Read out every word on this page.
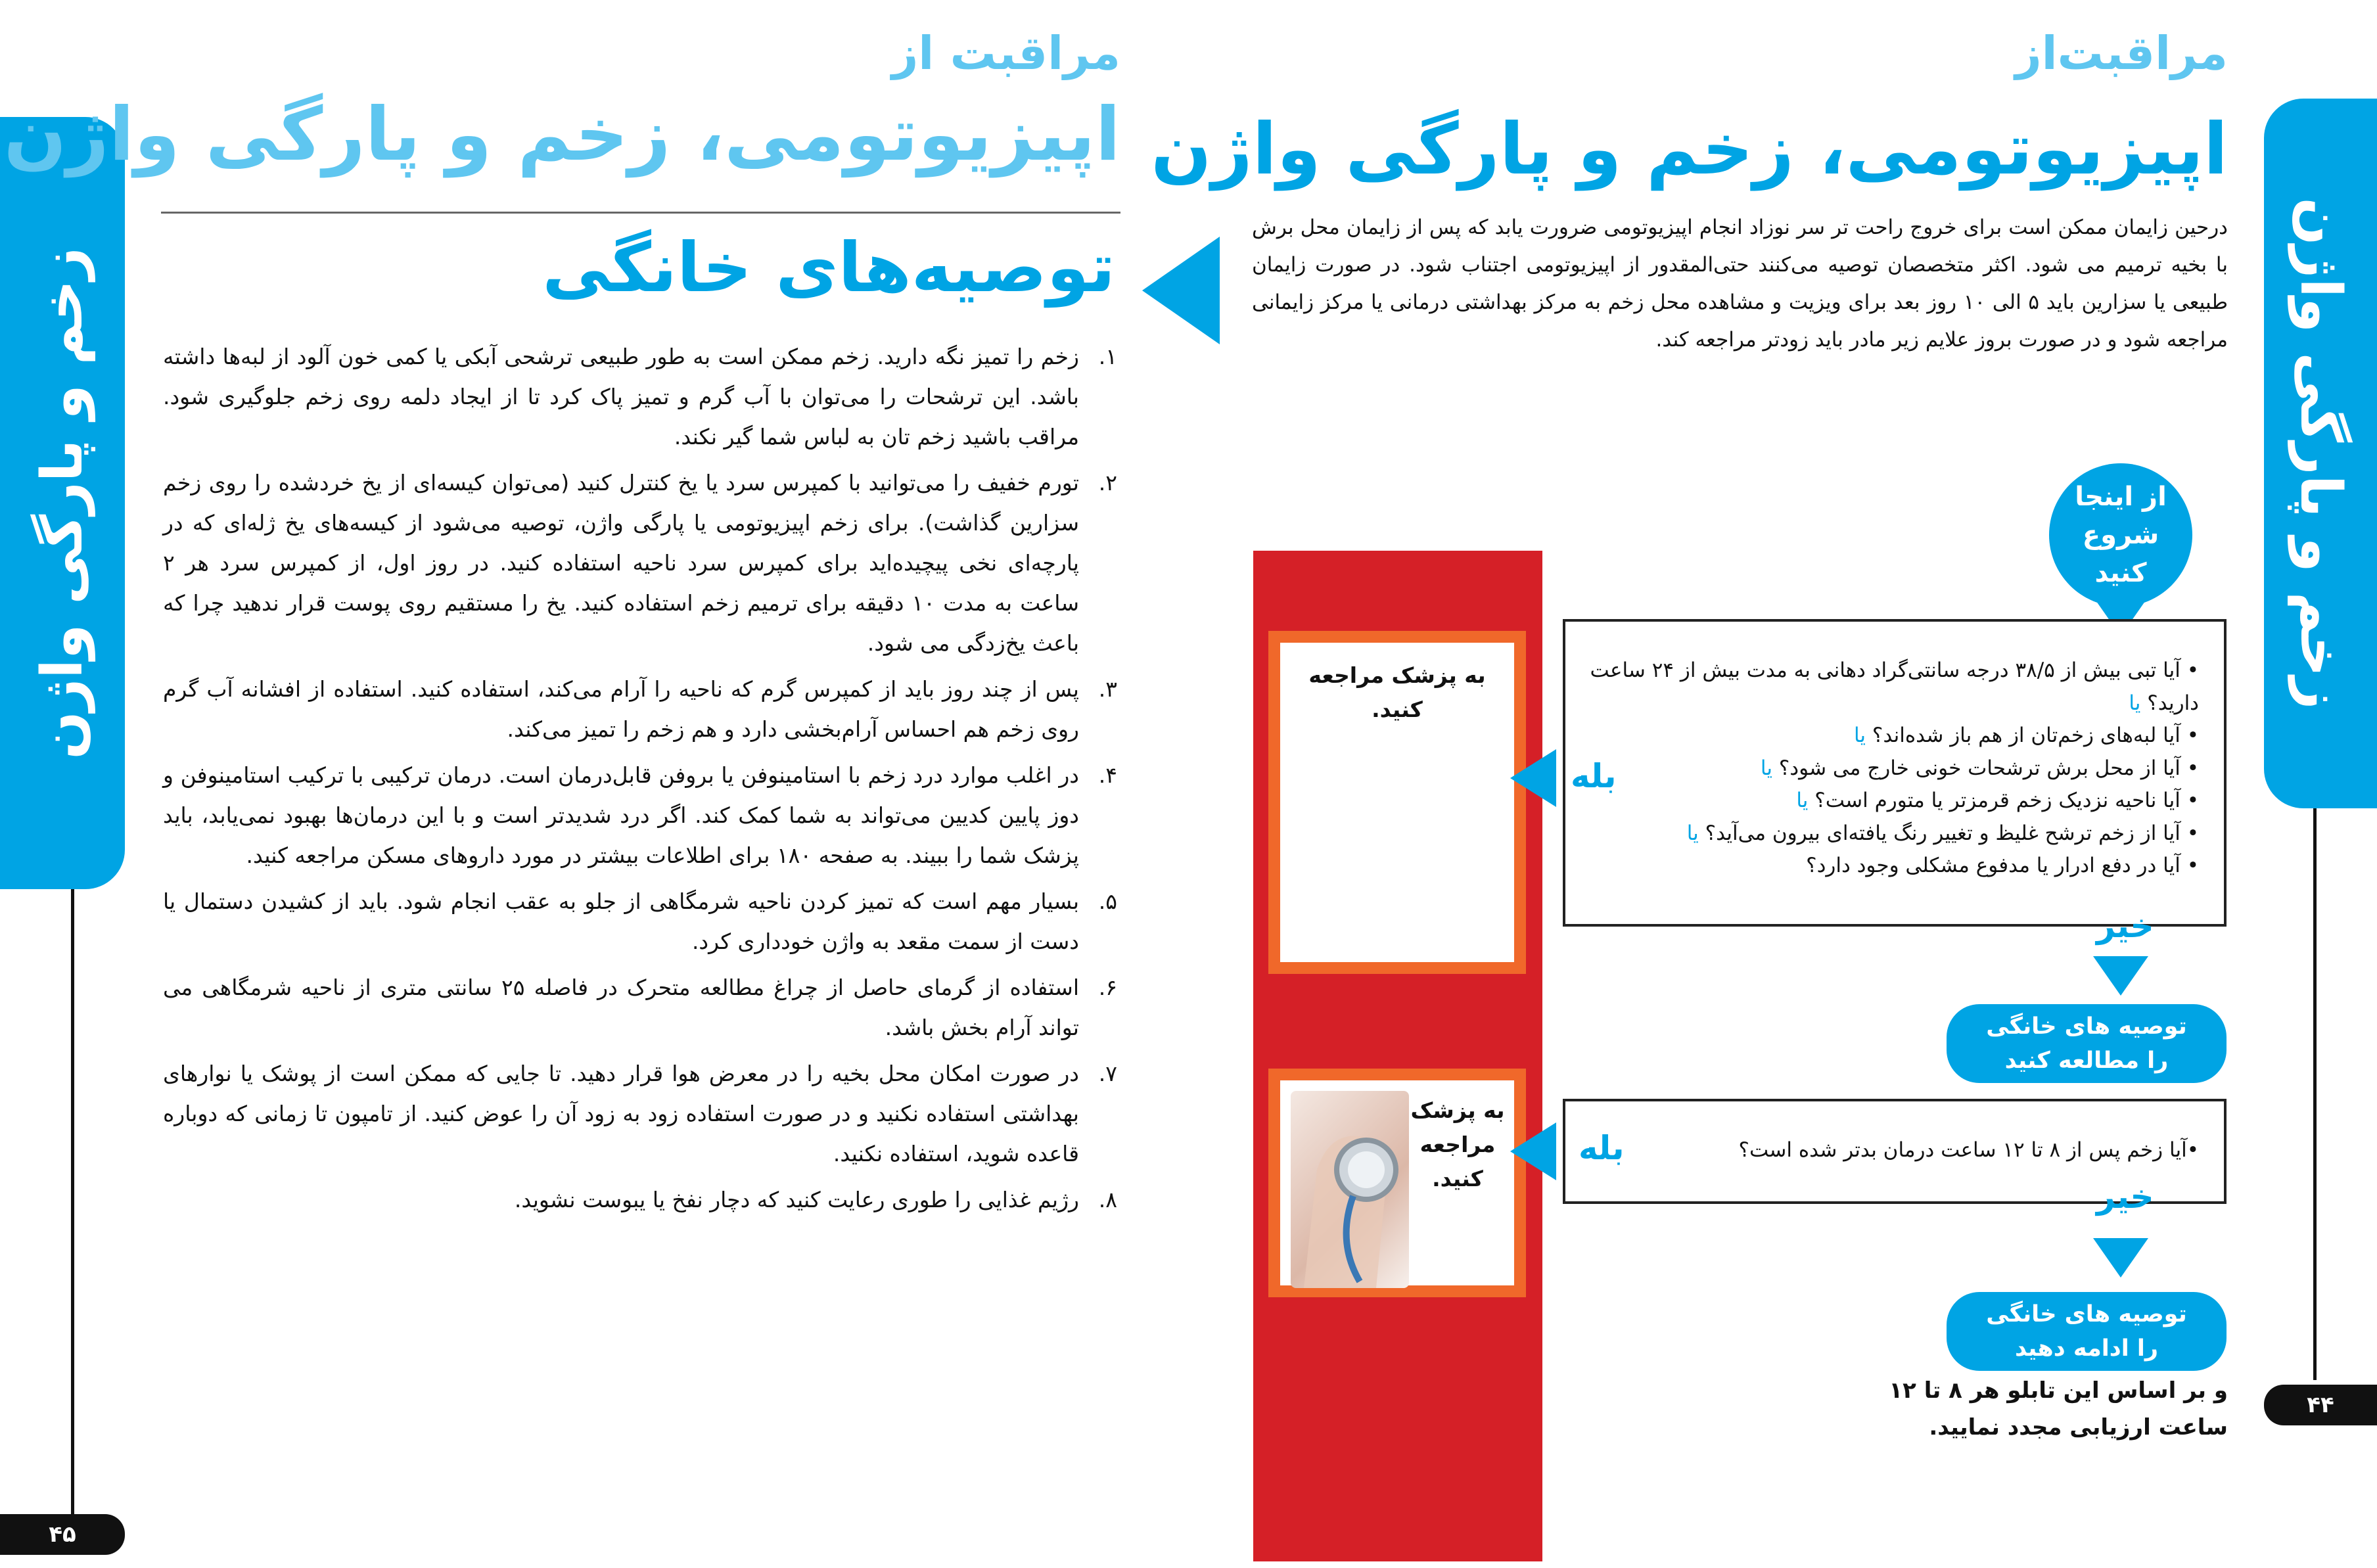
زخم و پارگی واژن
۴۵
مراقبت از
اپیزیوتومی، زخم و پارگی واژن
توصیه‌های خانگی
۱.
زخم را تمیز نگه دارید. زخم ممکن است به طور طبیعی ترشحی آبکی یا کمی خون آلود از لبه‌ها داشته باشد. این ترشحات را می‌توان با آب گرم و تمیز پاک کرد تا از ایجاد دلمه روی زخم جلوگیری شود. مراقب باشید زخم تان به لباس شما گیر نکند.
۲.
تورم خفیف را می‌توانید با کمپرس سرد یا یخ کنترل کنید (می‌توان کیسه‌ای از یخ خردشده را روی زخم سزارین گذاشت). برای زخم اپیزیوتومی یا پارگی واژن، توصیه می‌شود از کیسه‌های یخ ژله‌ای که در پارچه‌ای نخی پیچیده‌اید برای کمپرس سرد ناحیه استفاده کنید. در روز اول، از کمپرس سرد هر ۲ ساعت به مدت ۱۰ دقیقه برای ترمیم زخم استفاده کنید. یخ را مستقیم روی پوست قرار ندهید چرا که باعث یخ‌زدگی می شود.
۳.
پس از چند روز باید از کمپرس گرم که ناحیه را آرام می‌کند، استفاده کنید. استفاده از افشانه آب گرم روی زخم هم احساس آرام‌بخشی دارد و هم زخم را تمیز می‌کند.
۴.
در اغلب موارد درد زخم با استامینوفن یا بروفن قابل‌درمان است. درمان ترکیبی با ترکیب استامینوفن و دوز پایین کدیین می‌تواند به شما کمک کند. اگر درد شدیدتر است و با این درمان‌ها بهبود نمی‌یابد، باید پزشک شما را ببیند. به صفحه ۱۸۰ برای اطلاعات بیشتر در مورد داروهای مسکن مراجعه کنید.
۵.
بسیار مهم است که تمیز کردن ناحیه شرمگاهی از جلو به عقب انجام شود. باید از کشیدن دستمال یا دست از سمت مقعد به واژن خودداری کرد.
۶.
استفاده از گرمای حاصل از چراغ مطالعه متحرک در فاصله ۲۵ سانتی متری از ناحیه شرمگاهی می تواند آرام بخش باشد.
۷.
در صورت امکان محل بخیه را در معرض هوا قرار دهید. تا جایی که ممکن است از پوشک یا نوارهای بهداشتی استفاده نکنید و در صورت استفاده زود به زود آن را عوض کنید. از تامپون تا زمانی که دوباره قاعده شوید، استفاده نکنید.
۸.
رژیم غذایی را طوری رعایت کنید که دچار نفخ یا یبوست نشوید.
زخم و پارگی واژن
۴۴
مراقبت‌از
اپیزیوتومی، زخم و پارگی واژن
درحین زایمان ممکن است برای خروج راحت تر سر نوزاد انجام اپیزیوتومی ضرورت یابد که پس از زایمان محل برش با بخیه ترمیم می شود. اکثر متخصصان توصیه می‌کنند حتی‌المقدور از اپیزیوتومی اجتناب شود. در صورت زایمان طبیعی یا سزارین باید ۵ الی ۱۰ روز بعد برای ویزیت و مشاهده محل زخم به مرکز بهداشتی درمانی یا مرکز زایمانی مراجعه شود و در صورت بروز علایم زیر مادر باید زودتر مراجعه کند.
به پزشک مراجعه کنید.
به پزشک
مراجعه
کنید.
از اینجا شروع کنید
• آیا تبی بیش از ۳۸/۵ درجه سانتی‌گراد دهانی به مدت بیش از ۲۴ ساعت دارید؟ یا
• آیا لبه‌های زخم‌تان از هم باز شده‌اند؟ یا
• آیا از محل برش ترشحات خونی خارج می شود؟ یا
• آیا ناحیه نزدیک زخم قرمزتر یا متورم است؟ یا
• آیا از زخم ترشح غلیظ و تغییر رنگ یافته‌ای بیرون می‌آید؟ یا
• آیا در دفع ادرار یا مدفوع مشکلی وجود دارد؟
بله
خیر
توصیه های خانگی
را مطالعه کنید
•آیا زخم پس از ۸ تا ۱۲ ساعت درمان بدتر شده است؟
بله
خیر
توصیه های خانگی
را ادامه دهید
و بر اساس این تابلو هر ۸ تا ۱۲ ساعت ارزیابی مجدد نمایید.
